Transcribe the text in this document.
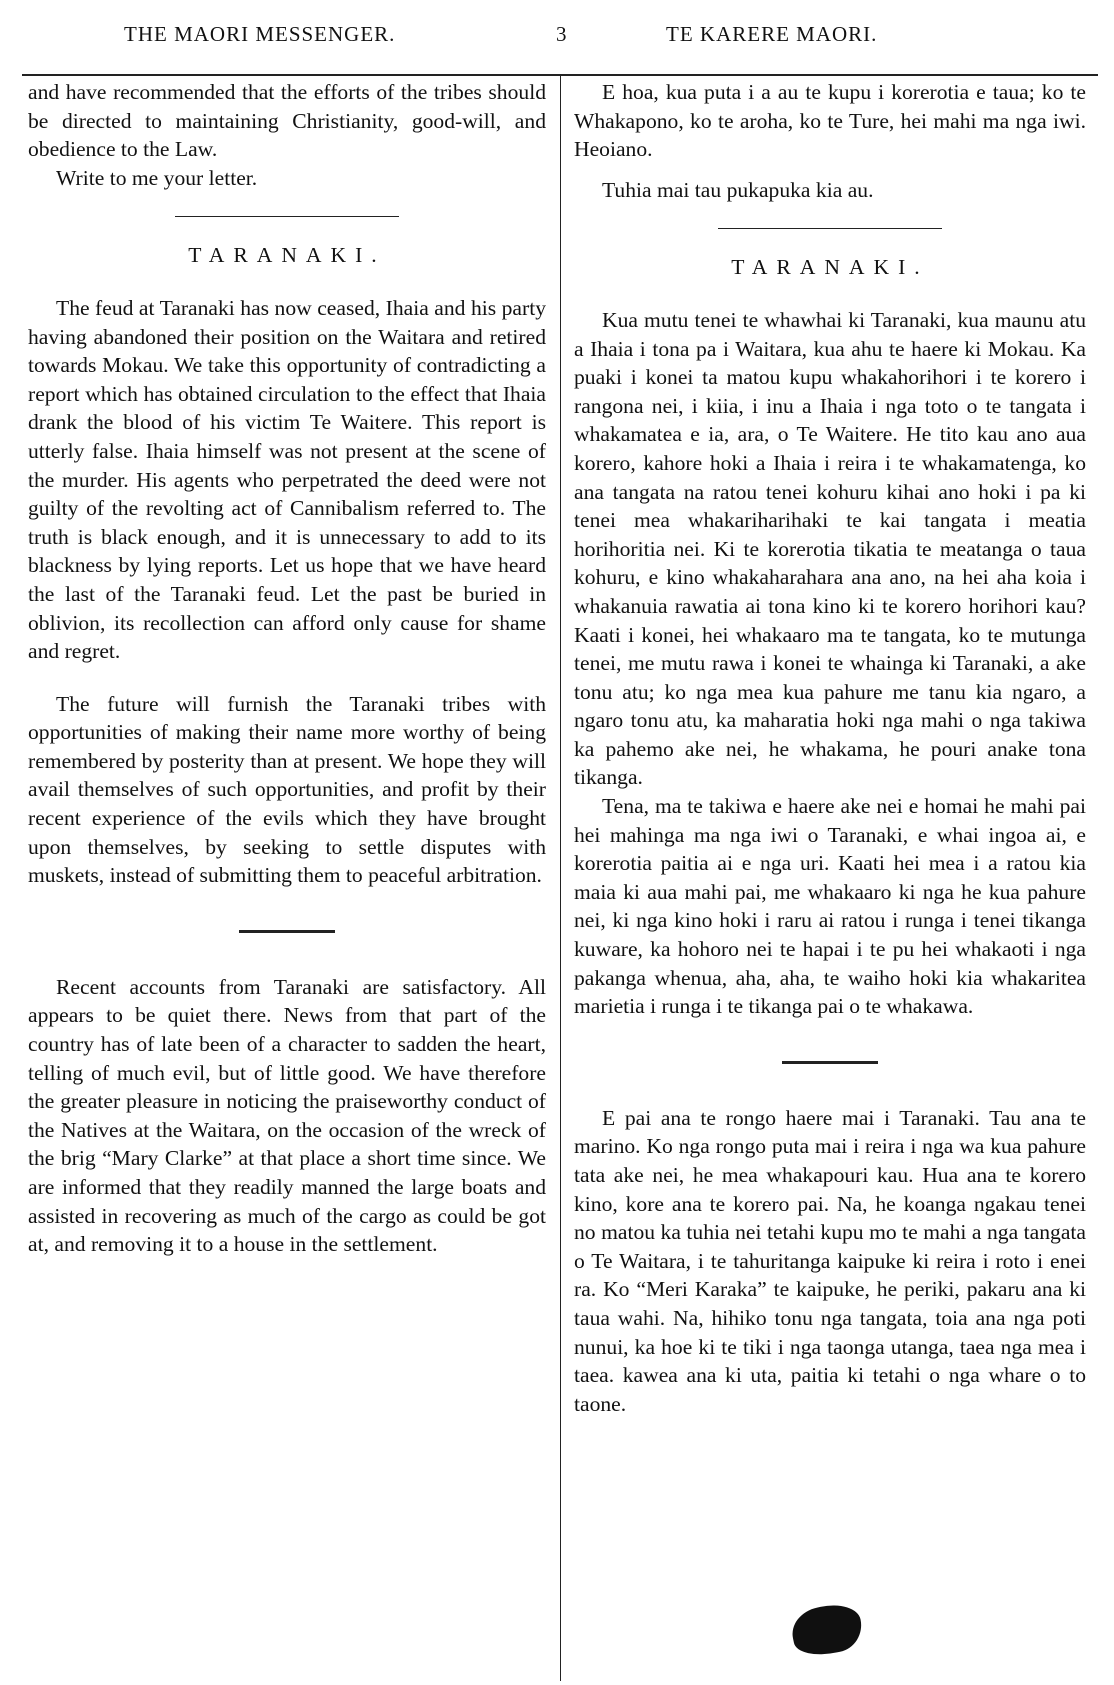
THE MAORI MESSENGER.	3	TE KARERE MAORI.

and have recommended that the efforts of the tribes should be directed to maintaining Christianity, good-will, and obedience to the Law.

Write to me your letter.

TARANAKI.

The feud at Taranaki has now ceased, Ihaia and his party having abandoned their position on the Waitara and retired towards Mokau. We take this opportunity of contradicting a report which has obtained circulation to the effect that Ihaia drank the blood of his victim Te Waitere. This report is utterly false. Ihaia himself was not present at the scene of the murder. His agents who perpetrated the deed were not guilty of the revolting act of Cannibalism referred to. The truth is black enough, and it is unnecessary to add to its blackness by lying reports. Let us hope that we have heard the last of the Taranaki feud. Let the past be buried in oblivion, its recollection can afford only cause for shame and regret.

The future will furnish the Taranaki tribes with opportunities of making their name more worthy of being remembered by posterity than at present. We hope they will avail themselves of such opportunities, and profit by their recent experience of the evils which they have brought upon themselves, by seeking to settle disputes with muskets, instead of submitting them to peaceful arbitration.

Recent accounts from Taranaki are satisfactory. All appears to be quiet there. News from that part of the country has of late been of a character to sadden the heart, telling of much evil, but of little good. We have therefore the greater pleasure in noticing the praiseworthy conduct of the Natives at the Waitara, on the occasion of the wreck of the brig “Mary Clarke” at that place a short time since. We are informed that they readily manned the large boats and assisted in recovering as much of the cargo as could be got at, and removing it to a house in the settlement.

E hoa, kua puta i a au te kupu i korerotia e taua; ko te Whakapono, ko te aroha, ko te Ture, hei mahi ma nga iwi. Heoiano.

Tuhia mai tau pukapuka kia au.

TARANAKI.

Kua mutu tenei te whawhai ki Taranaki, kua maunu atu a Ihaia i tona pa i Waitara, kua ahu te haere ki Mokau. Ka puaki i konei ta matou kupu whakahorihori i te korero i rangona nei, i kiia, i inu a Ihaia i nga toto o te tangata i whakamatea e ia, ara, o Te Waitere. He tito kau ano aua korero, kahore hoki a Ihaia i reira i te whakamatenga, ko ana tangata na ratou tenei kohuru kihai ano hoki i pa ki tenei mea whakariharihaki te kai tangata i meatia horihoritia nei. Ki te korerotia tikatia te meatanga o taua kohuru, e kino whakaharahara ana ano, na hei aha koia i whakanuia rawatia ai tona kino ki te korero horihori kau? Kaati i konei, hei whakaaro ma te tangata, ko te mutunga tenei, me mutu rawa i konei te whainga ki Taranaki, a ake tonu atu; ko nga mea kua pahure me tanu kia ngaro, a ngaro tonu atu, ka maharatia hoki nga mahi o nga takiwa ka pahemo ake nei, he whakama, he pouri anake tona tikanga.

Tena, ma te takiwa e haere ake nei e homai he mahi pai hei mahinga ma nga iwi o Taranaki, e whai ingoa ai, e korerotia paitia ai e nga uri. Kaati hei mea i a ratou kia maia ki aua mahi pai, me whakaaro ki nga he kua pahure nei, ki nga kino hoki i raru ai ratou i runga i tenei tikanga kuware, ka hohoro nei te hapai i te pu hei whakaoti i nga pakanga whenua, aha, aha, te waiho hoki kia whakaritea marietia i runga i te tikanga pai o te whakawa.

E pai ana te rongo haere mai i Taranaki. Tau ana te marino. Ko nga rongo puta mai i reira i nga wa kua pahure tata ake nei, he mea whakapouri kau. Hua ana te korero kino, kore ana te korero pai. Na, he koanga ngakau tenei no matou ka tuhia nei tetahi kupu mo te mahi a nga tangata o Te Waitara, i te tahuritanga kaipuke ki reira i roto i enei ra. Ko “Meri Karaka” te kaipuke, he periki, pakaru ana ki taua wahi. Na, hihiko tonu nga tangata, toia ana nga poti nunui, ka hoe ki te tiki i nga taonga utanga, taea nga mea i taea. kawea ana ki uta, paitia ki tetahi o nga whare o to taone.
